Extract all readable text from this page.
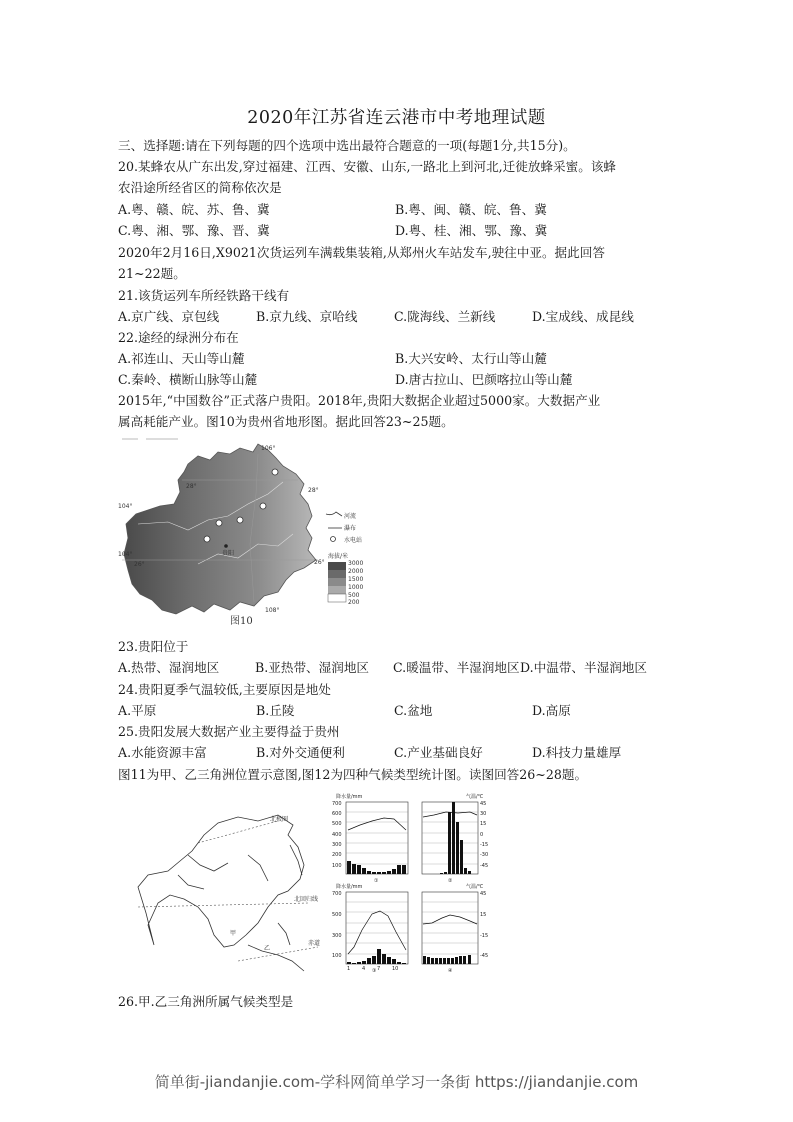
2020年江苏省连云港市中考地理试题
三、选择题:请在下列每题的四个选项中选出最符合题意的一项(每题1分,共15分)。
20.某蜂农从广东出发,穿过福建、江西、安徽、山东,一路北上到河北,迁徙放蜂采蜜。该蜂
农沿途所经省区的简称依次是
A.粤、赣、皖、苏、鲁、冀	B.粤、闽、赣、皖、鲁、冀
C.粤、湘、鄂、豫、晋、冀	D.粤、桂、湘、鄂、豫、冀
2020年2月16日,X9021次货运列车满载集装箱,从郑州火车站发车,驶往中亚。据此回答
21~22题。
21.该货运列车所经铁路干线有
A.京广线、京包线	B.京九线、京哈线	C.陇海线、兰新线	D.宝成线、成昆线
22.途经的绿洲分布在
A.祁连山、天山等山麓	B.大兴安岭、太行山等山麓
C.秦岭、横断山脉等山麓	D.唐古拉山、巴颜喀拉山等山麓
2015年,“中国数谷”正式落户贵阳。2018年,贵阳大数据企业超过5000家。大数据产业
属高耗能产业。图10为贵州省地形图。据此回答23~25题。
贵阳
106°
104°
104°
108°
28°
28°
26°	26°
河流
瀑布
水电站
海拔/米
3000
2000
1500
1000
500
200
图10
23.贵阳位于
A.热带、湿润地区	B.亚热带、湿润地区 C.暖温带、半湿润地区D.中温带、半湿润地区
24.贵阳夏季气温较低,主要原因是地处
A.平原	B.丘陵	C.盆地	D.高原
25.贵阳发展大数据产业主要得益于贵州
A.水能资源丰富	B.对外交通便利	C.产业基础良好	D.科技力量雄厚
图11为甲、乙三角洲位置示意图,图12为四种气候类型统计图。读图回答26~28题。
北极圈
北回归线
赤道
甲
乙
降水量/mm	气温/℃
700
600
500
400
300
200
100
45
30
15
0
-15
-30
-45
①	②
降水量/mm	气温/℃
700
500
300
100
45
15
-15
-45
1 4 7 10
③	④
26.甲.乙三角洲所属气候类型是
简单街-jiandanjie.com-学科网简单学习一条街 https://jiandanjie.com
